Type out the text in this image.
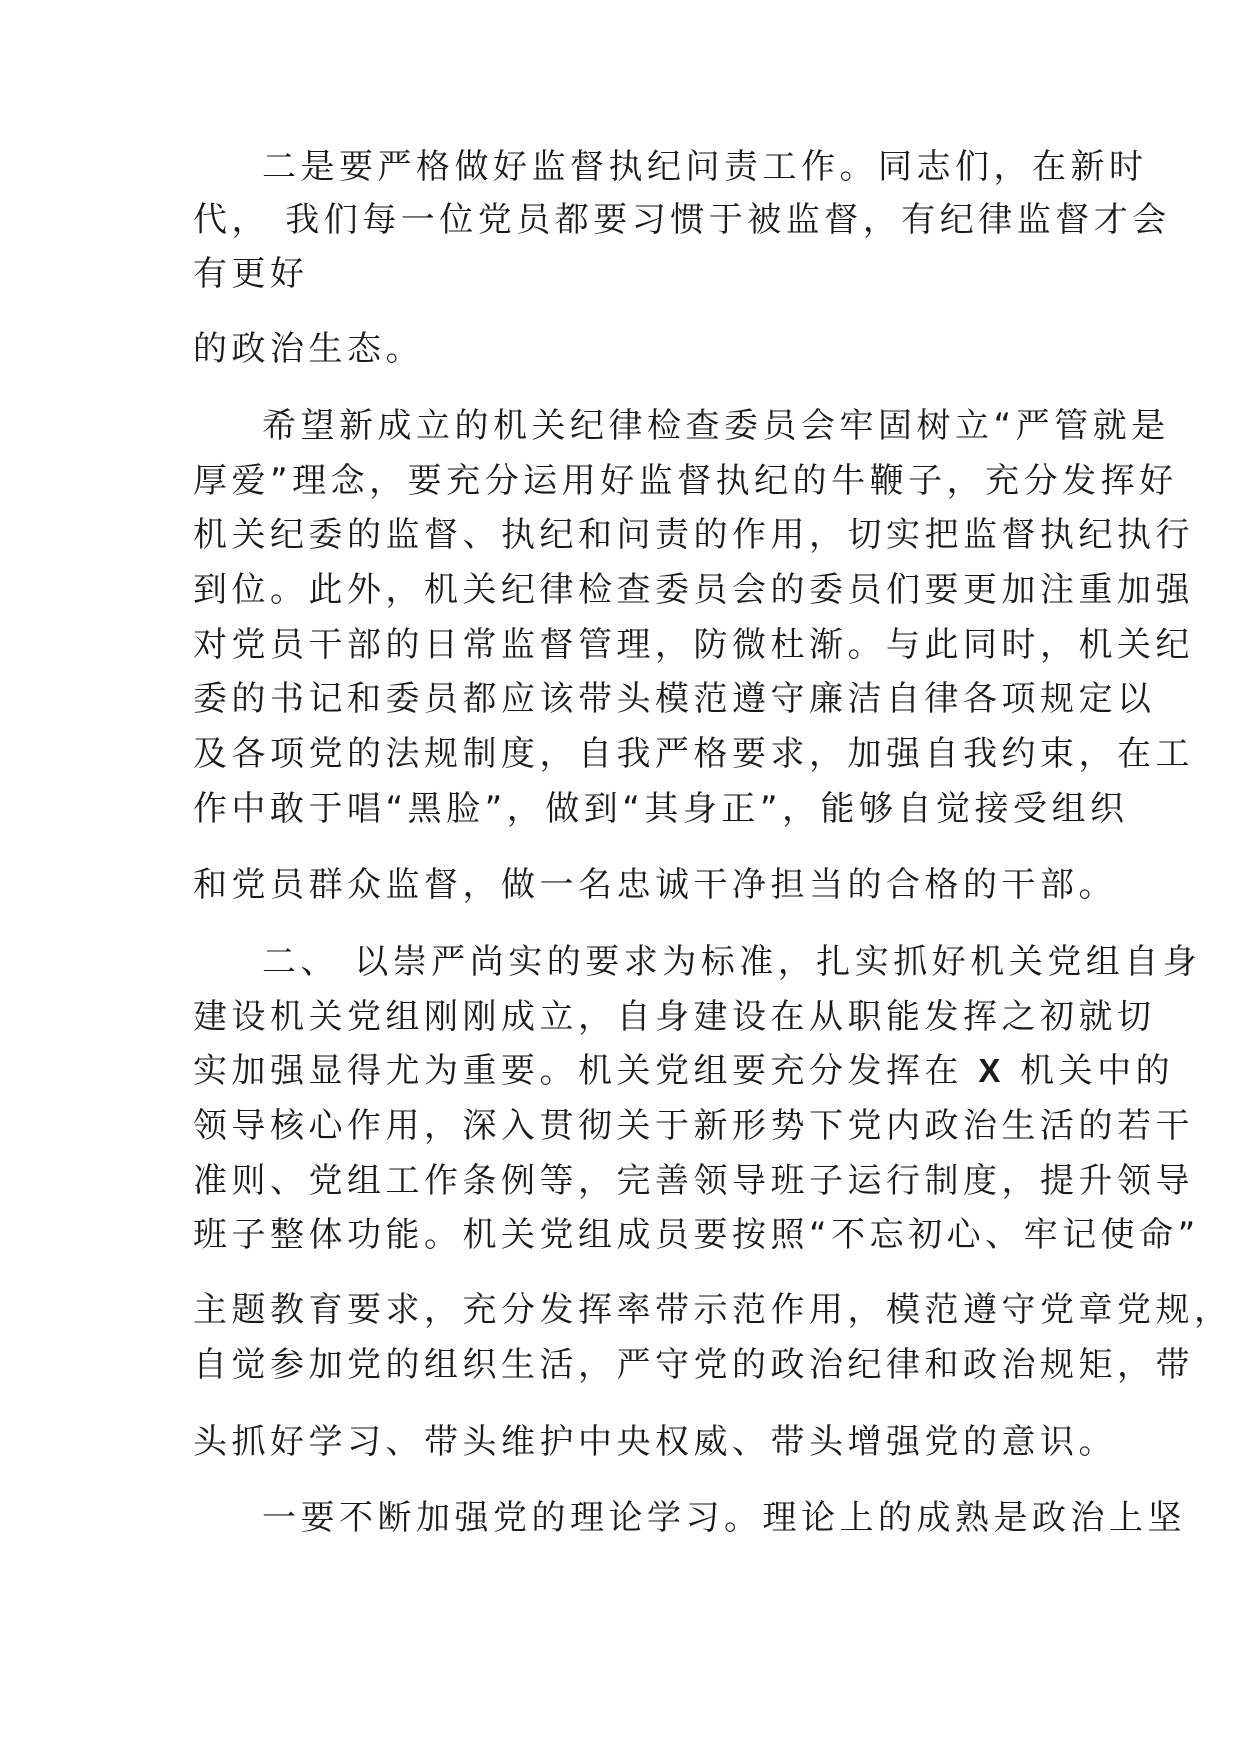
二是要严格做好监督执纪问责工作。同志们，在新时

代， 我们每一位党员都要习惯于被监督，有纪律监督才会

有更好

的政治生态。

希望新成立的机关纪律检查委员会牢固树立“严管就是

厚爱”理念，要充分运用好监督执纪的牛鞭子，充分发挥好

机关纪委的监督、执纪和问责的作用，切实把监督执纪执行

到位。此外，机关纪律检查委员会的委员们要更加注重加强

对党员干部的日常监督管理，防微杜渐。与此同时，机关纪

委的书记和委员都应该带头模范遵守廉洁自律各项规定以

及各项党的法规制度，自我严格要求，加强自我约束，在工

作中敢于唱“黑脸”，做到“其身正”，能够自觉接受组织

和党员群众监督，做一名忠诚干净担当的合格的干部。

二、 以崇严尚实的要求为标准，扎实抓好机关党组自身

建设机关党组刚刚成立，自身建设在从职能发挥之初就切

实加强显得尤为重要。机关党组要充分发挥在 X 机关中的

领导核心作用，深入贯彻关于新形势下党内政治生活的若干

准则、党组工作条例等，完善领导班子运行制度，提升领导

班子整体功能。机关党组成员要按照“不忘初心、牢记使命”

主题教育要求，充分发挥率带示范作用，模范遵守党章党规，

自觉参加党的组织生活，严守党的政治纪律和政治规矩，带

头抓好学习、带头维护中央权威、带头增强党的意识。

一要不断加强党的理论学习。理论上的成熟是政治上坚
